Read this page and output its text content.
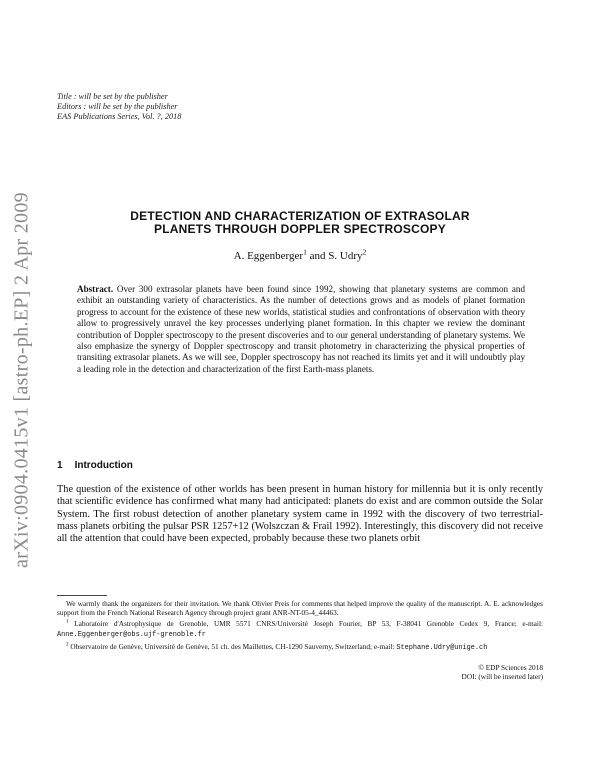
arXiv:0904.0415v1 [astro-ph.EP] 2 Apr 2009
Title : will be set by the publisher
Editors : will be set by the publisher
EAS Publications Series, Vol. ?, 2018
DETECTION AND CHARACTERIZATION OF EXTRASOLAR
PLANETS THROUGH DOPPLER SPECTROSCOPY
A. Eggenberger$^1$ and S. Udry$^2$
Abstract. Over 300 extrasolar planets have been found since 1992, showing that planetary systems are common and exhibit an outstanding variety of characteristics. As the number of detections grows and as models of planet formation progress to account for the existence of these new worlds, statistical studies and confrontations of observation with theory allow to progressively unravel the key processes underlying planet formation. In this chapter we review the dominant contribution of Doppler spectroscopy to the present discoveries and to our general understanding of planetary systems. We also emphasize the synergy of Doppler spectroscopy and transit photometry in characterizing the physical properties of transiting extrasolar planets. As we will see, Doppler spectroscopy has not reached its limits yet and it will undoubtly play a leading role in the detection and characterization of the first Earth-mass planets.
1 Introduction
The question of the existence of other worlds has been present in human history for millennia but it is only recently that scientific evidence has confirmed what many had anticipated: planets do exist and are common outside the Solar System. The first robust detection of another planetary system came in 1992 with the discovery of two terrestrial-mass planets orbiting the pulsar PSR 1257+12 (Wolszczan & Frail 1992). Interestingly, this discovery did not receive all the attention that could have been expected, probably because these two planets orbit

We warmly thank the organizers for their invitation. We thank Olivier Preis for comments that helped improve the quality of the manuscript. A. E. acknowledges support from the French National Research Agency through project grant ANR-NT-05-4_44463.

$^1$ Laboratoire d'Astrophysique de Grenoble, UMR 5571 CNRS/Université Joseph Fourier, BP 53, F-38041 Grenoble Cedex 9, France; e-mail: Anne.Eggenberger@obs.ujf-grenoble.fr

$^2$ Observatoire de Genève, Université de Genève, 51 ch. des Maillettes, CH-1290 Sauverny, Switzerland; e-mail: Stephane.Udry@unige.ch

© EDP Sciences 2018
DOI: (will be inserted later)
